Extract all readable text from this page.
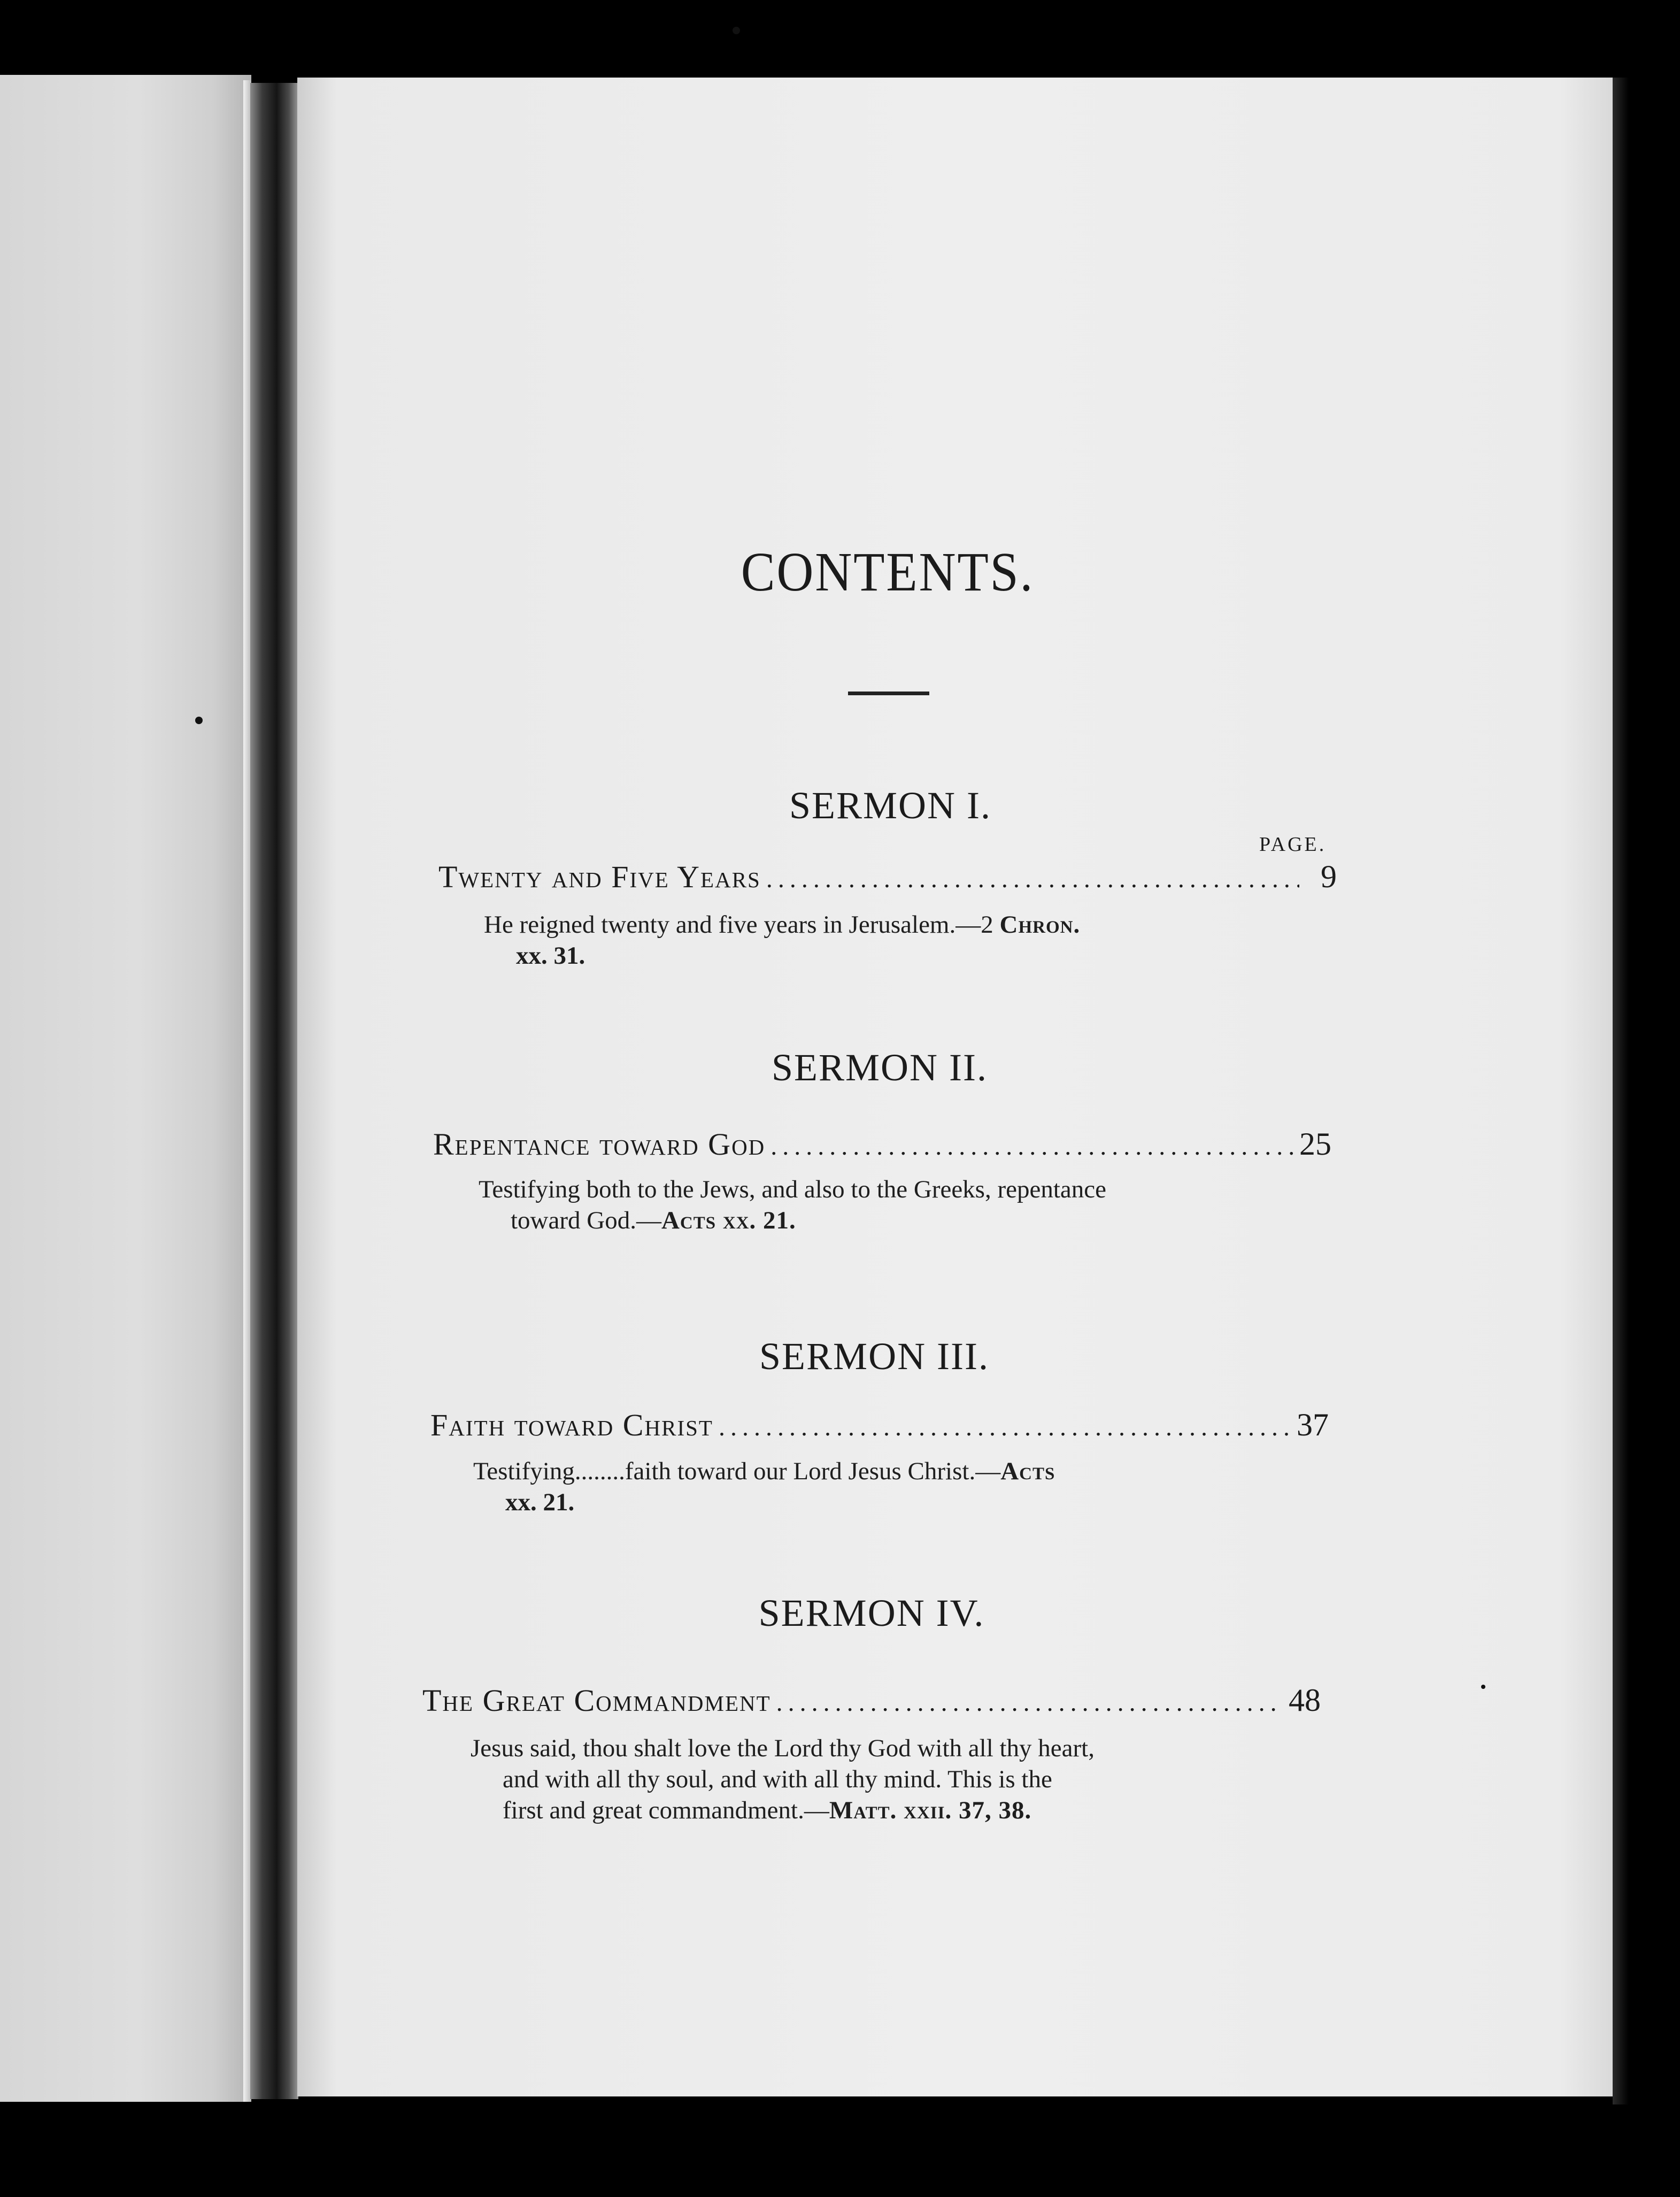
CONTENTS.
SERMON I.
PAGE.
Twenty and Five Years .....	9
He reigned twenty and five years in Jerusalem.—2 Chron.
xx. 31.
SERMON II.
Repentance toward God .....	25
Testifying both to the Jews, and also to the Greeks, repentance
toward God.—Acts xx. 21.
SERMON III.
Faith toward Christ .....	37
Testifying........faith toward our Lord Jesus Christ.—Acts
xx. 21.
SERMON IV.
The Great Commandment .....	48
Jesus said, thou shalt love the Lord thy God with all thy heart,
and with all thy soul, and with all thy mind. This is the
first and great commandment.—Matt. xxii. 37, 38.
